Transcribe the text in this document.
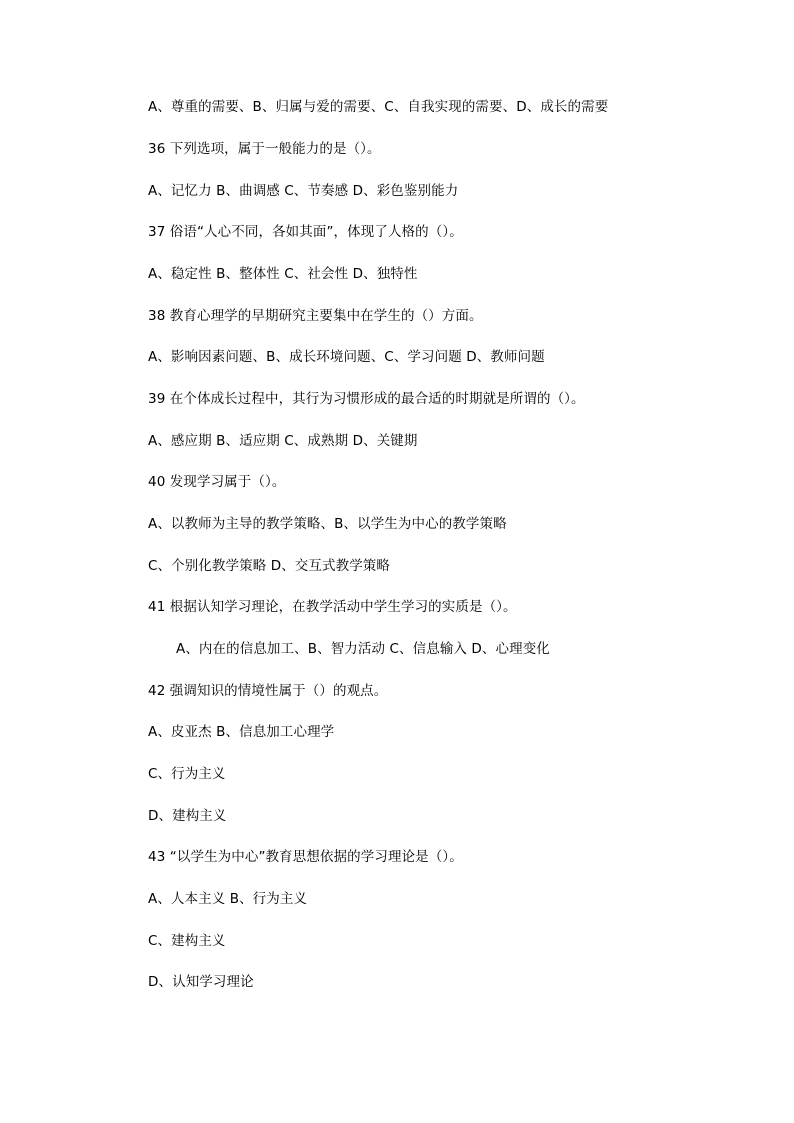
A、尊重的需要、B、归属与爱的需要、C、自我实现的需要、D、成长的需要
36 下列选项，属于一般能力的是（）。
A、记忆力 B、曲调感 C、节奏感 D、彩色鉴别能力
37 俗语“人心不同，各如其面”，体现了人格的（）。
A、稳定性 B、整体性 C、社会性 D、独特性
38 教育心理学的早期研究主要集中在学生的（）方面。
A、影响因素问题、B、成长环境问题、C、学习问题 D、教师问题
39 在个体成长过程中，其行为习惯形成的最合适的时期就是所谓的（）。
A、感应期 B、适应期 C、成熟期 D、关键期
40 发现学习属于（）。
A、以教师为主导的教学策略、B、以学生为中心的教学策略
C、个别化教学策略 D、交互式教学策略
41 根据认知学习理论，在教学活动中学生学习的实质是（）。
A、内在的信息加工、B、智力活动 C、信息输入 D、心理变化
42 强调知识的情境性属于（）的观点。
A、皮亚杰 B、信息加工心理学
C、行为主义
D、建构主义
43 “以学生为中心”教育思想依据的学习理论是（）。
A、人本主义 B、行为主义
C、建构主义
D、认知学习理论
